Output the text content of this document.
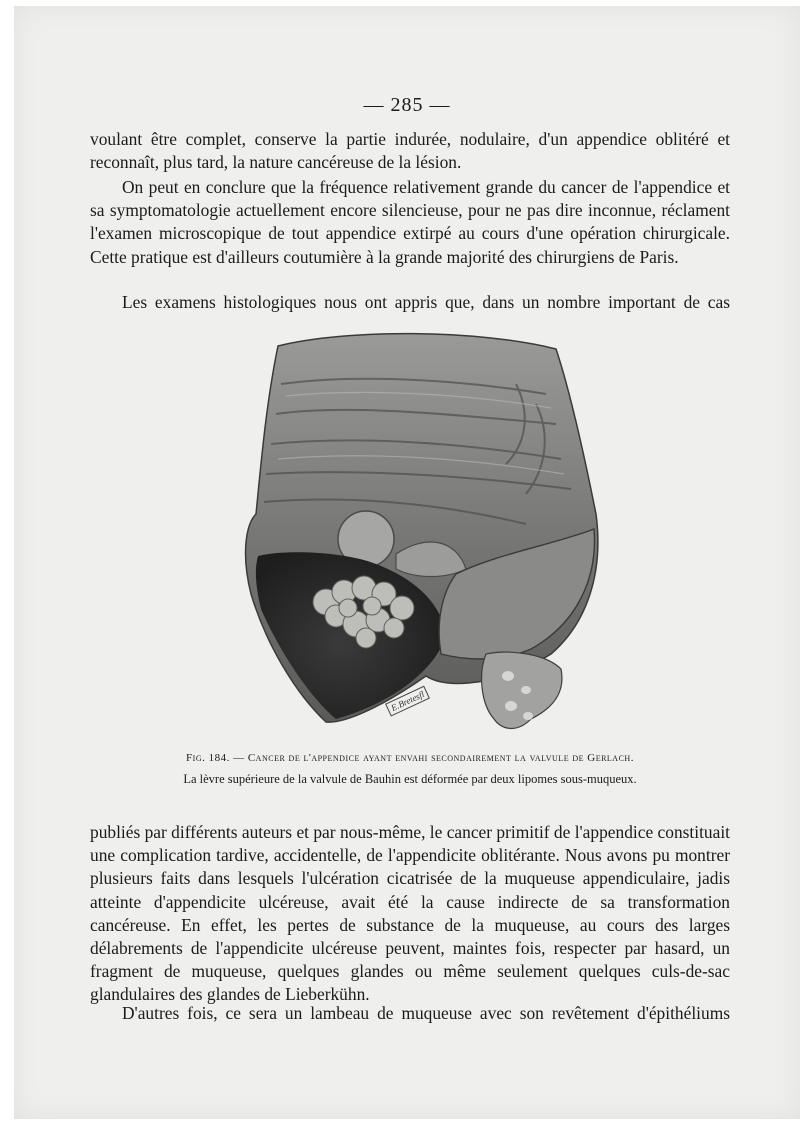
— 285 —

voulant être complet, conserve la partie indurée, nodulaire, d'un appendice oblitéré et reconnaît, plus tard, la nature cancéreuse de la lésion.

On peut en conclure que la fréquence relativement grande du cancer de l'appendice et sa symptomatologie actuellement encore silencieuse, pour ne pas dire inconnue, réclament l'examen microscopique de tout appendice extirpé au cours d'une opération chirurgicale. Cette pratique est d'ailleurs coutumière à la grande majorité des chirurgiens de Paris.

Les examens histologiques nous ont appris que, dans un nombre important de cas

E.Bretesfl

Fig. 184. — Cancer de l'appendice ayant envahi secondairement la valvule de Gerlach.

La lèvre supérieure de la valvule de Bauhin est déformée par deux lipomes sous-muqueux.

publiés par différents auteurs et par nous-même, le cancer primitif de l'appendice constituait une complication tardive, accidentelle, de l'appendicite oblitérante. Nous avons pu montrer plusieurs faits dans lesquels l'ulcération cicatrisée de la muqueuse appendiculaire, jadis atteinte d'appendicite ulcéreuse, avait été la cause indirecte de sa transformation cancéreuse. En effet, les pertes de substance de la muqueuse, au cours des larges délabrements de l'appendicite ulcéreuse peuvent, maintes fois, respecter par hasard, un fragment de muqueuse, quelques glandes ou même seulement quelques culs-de-sac glandulaires des glandes de Lieberkühn.

D'autres fois, ce sera un lambeau de muqueuse avec son revêtement d'épithéliums
